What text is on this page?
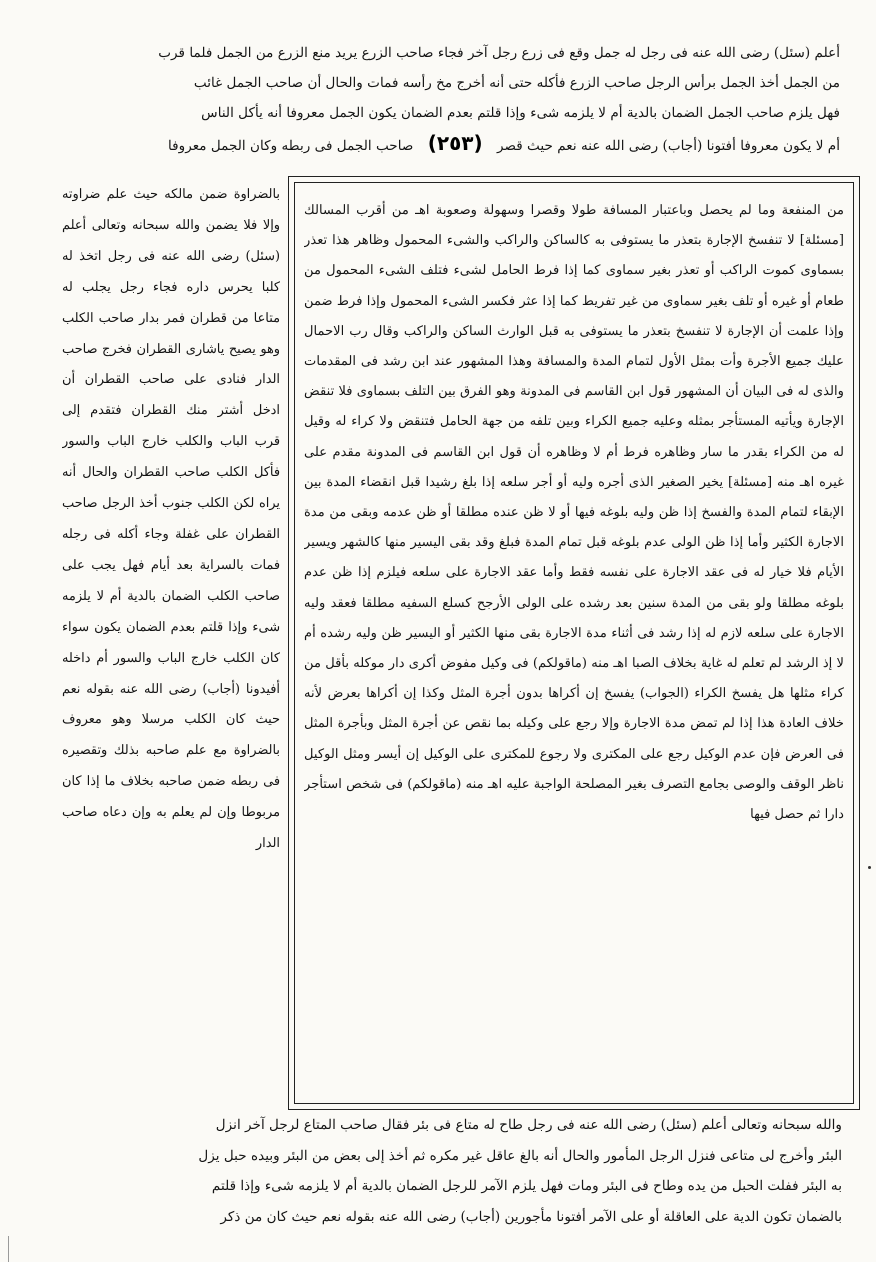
أعلم (سئل) رضى الله عنه فى رجل له جمل وقع فى زرع رجل آخر فجاء صاحب الزرع يريد منع الزرع من الجمل فلما قرب
من الجمل أخذ الجمل برأس الرجل صاحب الزرع فأكله حتى أنه أخرج مخ رأسه فمات والحال أن صاحب الجمل غائب
فهل يلزم صاحب الجمل الضمان بالدية أم لا يلزمه شىء وإذا قلتم بعدم الضمان يكون الجمل معروفا أنه يأكل الناس
أم لا يكون معروفا أفتونا (أجاب) رضى الله عنه نعم حيث قصر (٢٥٣) صاحب الجمل فى ربطه وكان الجمل معروفا
من المنفعة وما لم يحصل وباعتبار المسافة طولا وقصرا وسهولة وصعوبة اهـ من أقرب المسالك [مسئلة] لا تنفسخ الإجارة بتعذر ما يستوفى به كالساكن والراكب والشىء المحمول وظاهر هذا تعذر بسماوى كموت الراكب أو تعذر بغير سماوى كما إذا فرط الحامل لشىء فتلف الشىء المحمول من طعام أو غيره أو تلف بغير سماوى من غير تفريط كما إذا عثر فكسر الشىء المحمول وإذا فرط ضمن وإذا علمت أن الإجارة لا تنفسخ بتعذر ما يستوفى به قبل الوارث الساكن والراكب وقال رب الاحمال عليك جميع الأجرة وأت بمثل الأول لتمام المدة والمسافة وهذا المشهور عند ابن رشد فى المقدمات والذى له فى البيان أن المشهور قول ابن القاسم فى المدونة وهو الفرق بين التلف بسماوى فلا تنقض الإجارة ويأتيه المستأجر بمثله وعليه جميع الكراء وبين تلفه من جهة الحامل فتنقض ولا كراء له وقيل له من الكراء بقدر ما سار وظاهره فرط أم لا وظاهره أن قول ابن القاسم فى المدونة مقدم على غيره اهـ منه [مسئلة] يخير الصغير الذى أجره وليه أو أجر سلعه إذا بلغ رشيدا قبل انقضاء المدة بين الإبقاء لتمام المدة والفسخ إذا ظن وليه بلوغه فيها أو لا ظن عنده مطلقا أو ظن عدمه وبقى من مدة الاجارة الكثير وأما إذا ظن الولى عدم بلوغه قبل تمام المدة فبلغ وقد بقى اليسير منها كالشهر ويسير الأيام فلا خيار له فى عقد الاجارة على نفسه فقط وأما عقد الاجارة على سلعه فيلزم إذا ظن عدم بلوغه مطلقا ولو بقى من المدة سنين بعد رشده على الولى الأرجح كسلع السفيه مطلقا فعقد وليه الاجارة على سلعه لازم له إذا رشد فى أثناء مدة الاجارة بقى منها الكثير أو اليسير ظن وليه رشده أم لا إذ الرشد لم تعلم له غاية بخلاف الصبا اهـ منه (ماقولكم) فى وكيل مفوض أكرى دار موكله بأقل من كراء مثلها هل يفسخ الكراء (الجواب) يفسخ إن أكراها بدون أجرة المثل وكذا إن أكراها بعرض لأنه خلاف العادة هذا إذا لم تمض مدة الاجارة وإلا رجع على وكيله بما نقص عن أجرة المثل وبأجرة المثل فى العرض فإن عدم الوكيل رجع على المكترى ولا رجوع للمكترى على الوكيل إن أيسر ومثل الوكيل ناظر الوقف والوصى بجامع التصرف بغير المصلحة الواجبة عليه اهـ منه (ماقولكم) فى شخص استأجر دارا ثم حصل فيها
بالضراوة ضمن مالكه حيث علم ضراوته وإلا فلا يضمن والله سبحانه وتعالى أعلم (سئل) رضى الله عنه فى رجل اتخذ له كلبا يحرس داره فجاء رجل يجلب له متاعا من قطران فمر بدار صاحب الكلب وهو يصيح ياشارى القطران فخرج صاحب الدار فنادى على صاحب القطران أن ادخل أشتر منك القطران فتقدم إلى قرب الباب والكلب خارج الباب والسور فأكل الكلب صاحب القطران والحال أنه يراه لكن الكلب جنوب أخذ الرجل صاحب القطران على غفلة وجاء أكله فى رجله فمات بالسراية بعد أيام فهل يجب على صاحب الكلب الضمان بالدية أم لا يلزمه شىء وإذا قلتم بعدم الضمان يكون سواء كان الكلب خارج الباب والسور أم داخله أفيدونا (أجاب) رضى الله عنه بقوله نعم حيث كان الكلب مرسلا وهو معروف بالضراوة مع علم صاحبه بذلك وتقصيره فى ربطه ضمن صاحبه بخلاف ما إذا كان مربوطا وإن لم يعلم به وإن دعاه صاحب الدار
والله سبحانه وتعالى أعلم (سئل) رضى الله عنه فى رجل طاح له متاع فى بئر فقال صاحب المتاع لرجل آخر انزل
البئر وأخرج لى متاعى فنزل الرجل المأمور والحال أنه بالغ عاقل غير مكره ثم أخذ إلى بعض من البئر وبيده حبل يزل
به البئر ففلت الحبل من يده وطاح فى البئر ومات فهل يلزم الآمر للرجل الضمان بالدية أم لا يلزمه شىء وإذا قلتم
بالضمان تكون الدية على العاقلة أو على الآمر أفتونا مأجورين (أجاب) رضى الله عنه بقوله نعم حيث كان من ذكر
